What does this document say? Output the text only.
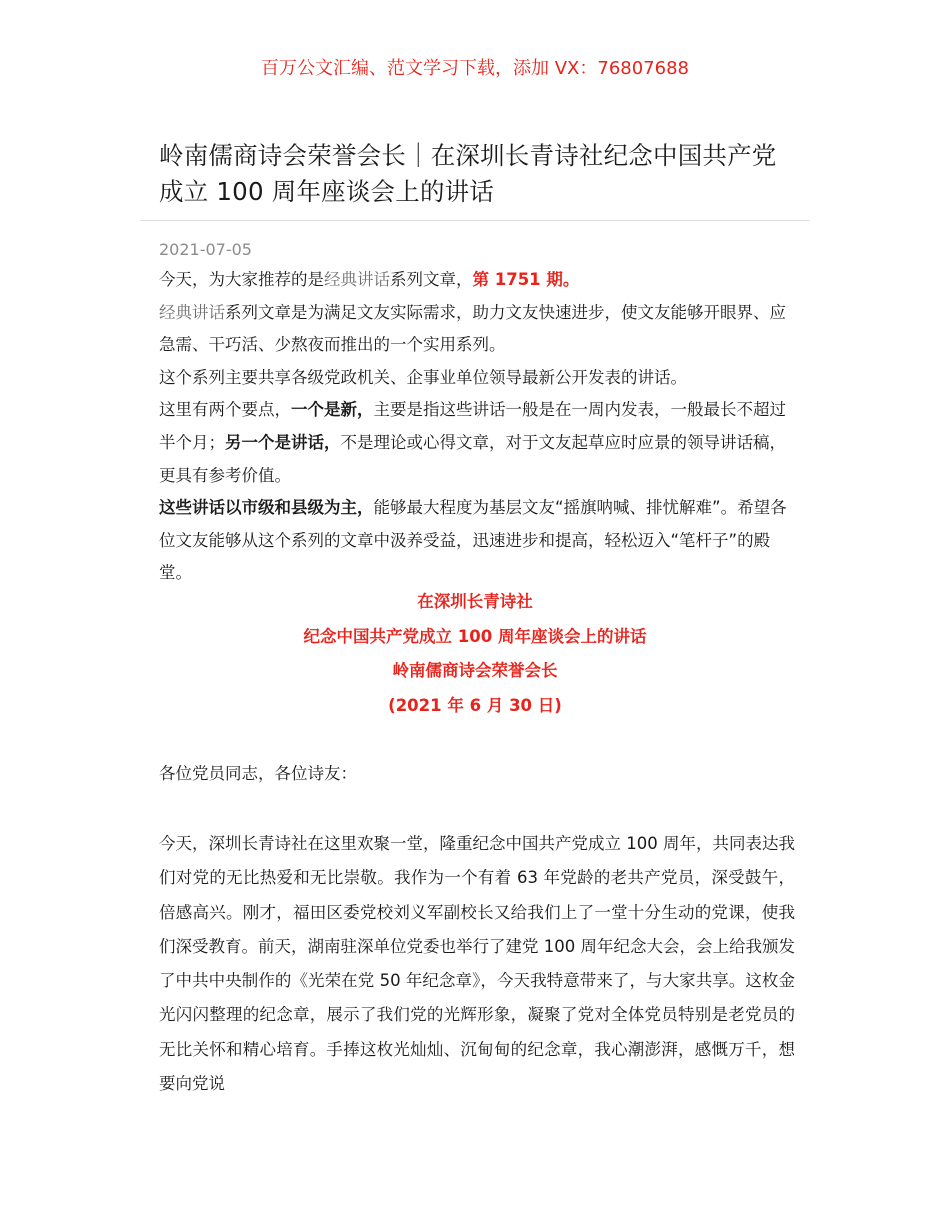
百万公文汇编、范文学习下载，添加 VX：76807688
岭南儒商诗会荣誉会长｜在深圳长青诗社纪念中国共产党成立 100 周年座谈会上的讲话
2021-07-05

今天，为大家推荐的是经典讲话系列文章，第 1751 期。

经典讲话系列文章是为满足文友实际需求，助力文友快速进步，使文友能够开眼界、应急需、干巧活、少熬夜而推出的一个实用系列。

这个系列主要共享各级党政机关、企事业单位领导最新公开发表的讲话。

这里有两个要点，一个是新，主要是指这些讲话一般是在一周内发表，一般最长不超过半个月；另一个是讲话，不是理论或心得文章，对于文友起草应时应景的领导讲话稿，更具有参考价值。

这些讲话以市级和县级为主，能够最大程度为基层文友“摇旗呐喊、排忧解难”。希望各位文友能够从这个系列的文章中汲养受益，迅速进步和提高，轻松迈入“笔杆子”的殿堂。

在深圳长青诗社
纪念中国共产党成立 100 周年座谈会上的讲话
岭南儒商诗会荣誉会长
(2021 年 6 月 30 日)
各位党员同志，各位诗友：
今天，深圳长青诗社在这里欢聚一堂，隆重纪念中国共产党成立 100 周年，共同表达我们对党的无比热爱和无比崇敬。我作为一个有着 63 年党龄的老共产党员，深受鼓午，倍感高兴。刚才，福田区委党校刘义军副校长又给我们上了一堂十分生动的党课，使我们深受教育。前天，湖南驻深单位党委也举行了建党 100 周年纪念大会，会上给我颁发了中共中央制作的《光荣在党 50 年纪念章》，今天我特意带来了，与大家共享。这枚金光闪闪整理的纪念章，展示了我们党的光辉形象，凝聚了党对全体党员特别是老党员的无比关怀和精心培育。手捧这枚光灿灿、沉甸甸的纪念章，我心潮澎湃，感慨万千，想要向党说
